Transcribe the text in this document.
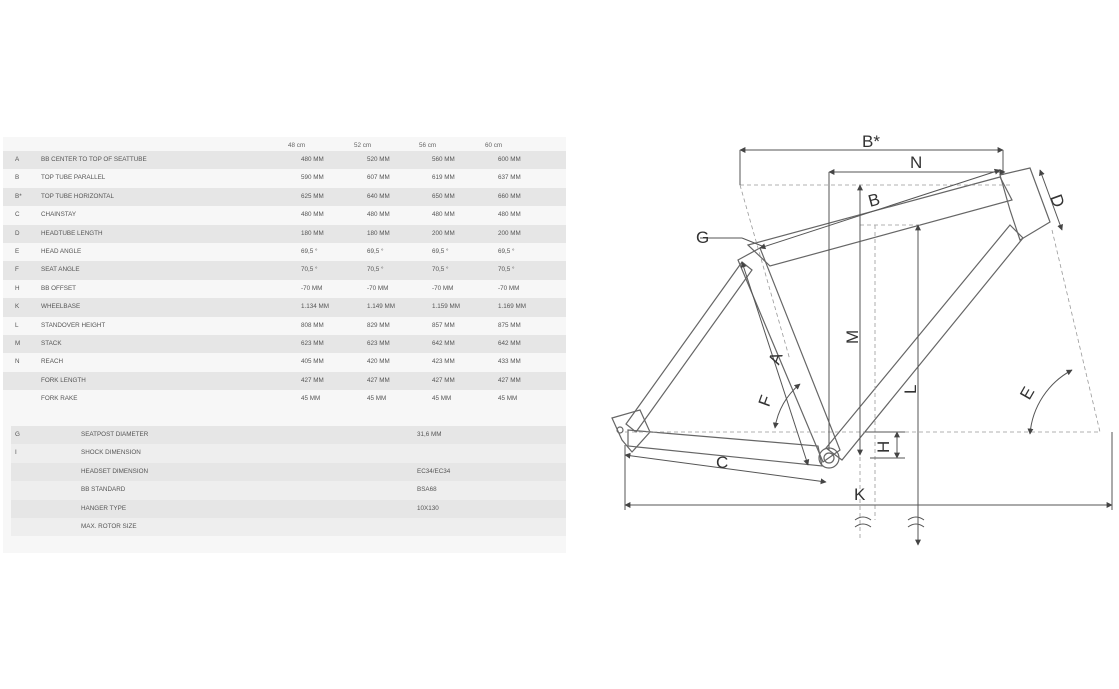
48 cm	52 cm	56 cm	60 cm
A	BB CENTER TO TOP OF SEATTUBE	480 MM	520 MM	560 MM	600 MM
B	TOP TUBE PARALLEL	590 MM	607 MM	619 MM	637 MM
B*	TOP TUBE HORIZONTAL	625 MM	640 MM	650 MM	660 MM
C	CHAINSTAY	480 MM	480 MM	480 MM	480 MM
D	HEADTUBE LENGTH	180 MM	180 MM	200 MM	200 MM
E	HEAD ANGLE	69,5 °	69,5 °	69,5 °	69,5 °
F	SEAT ANGLE	70,5 °	70,5 °	70,5 °	70,5 °
H	BB OFFSET	-70 MM	-70 MM	-70 MM	-70 MM
K	WHEELBASE	1.134 MM	1.149 MM	1.159 MM	1.169 MM
L	STANDOVER HEIGHT	808 MM	829 MM	857 MM	875 MM
M	STACK	623 MM	623 MM	642 MM	642 MM
N	REACH	405 MM	420 MM	423 MM	433 MM
FORK LENGTH	427 MM	427 MM	427 MM	427 MM
FORK RAKE	45 MM	45 MM	45 MM	45 MM
G	SEATPOST DIAMETER	31,6 MM
I	SHOCK DIMENSION
HEADSET DIMENSION	EC34/EC34
BB STANDARD	BSA68
HANGER TYPE	10X130
MAX. ROTOR SIZE
B*
N
B	D
G
M
A
F
L	E
H
C
K
